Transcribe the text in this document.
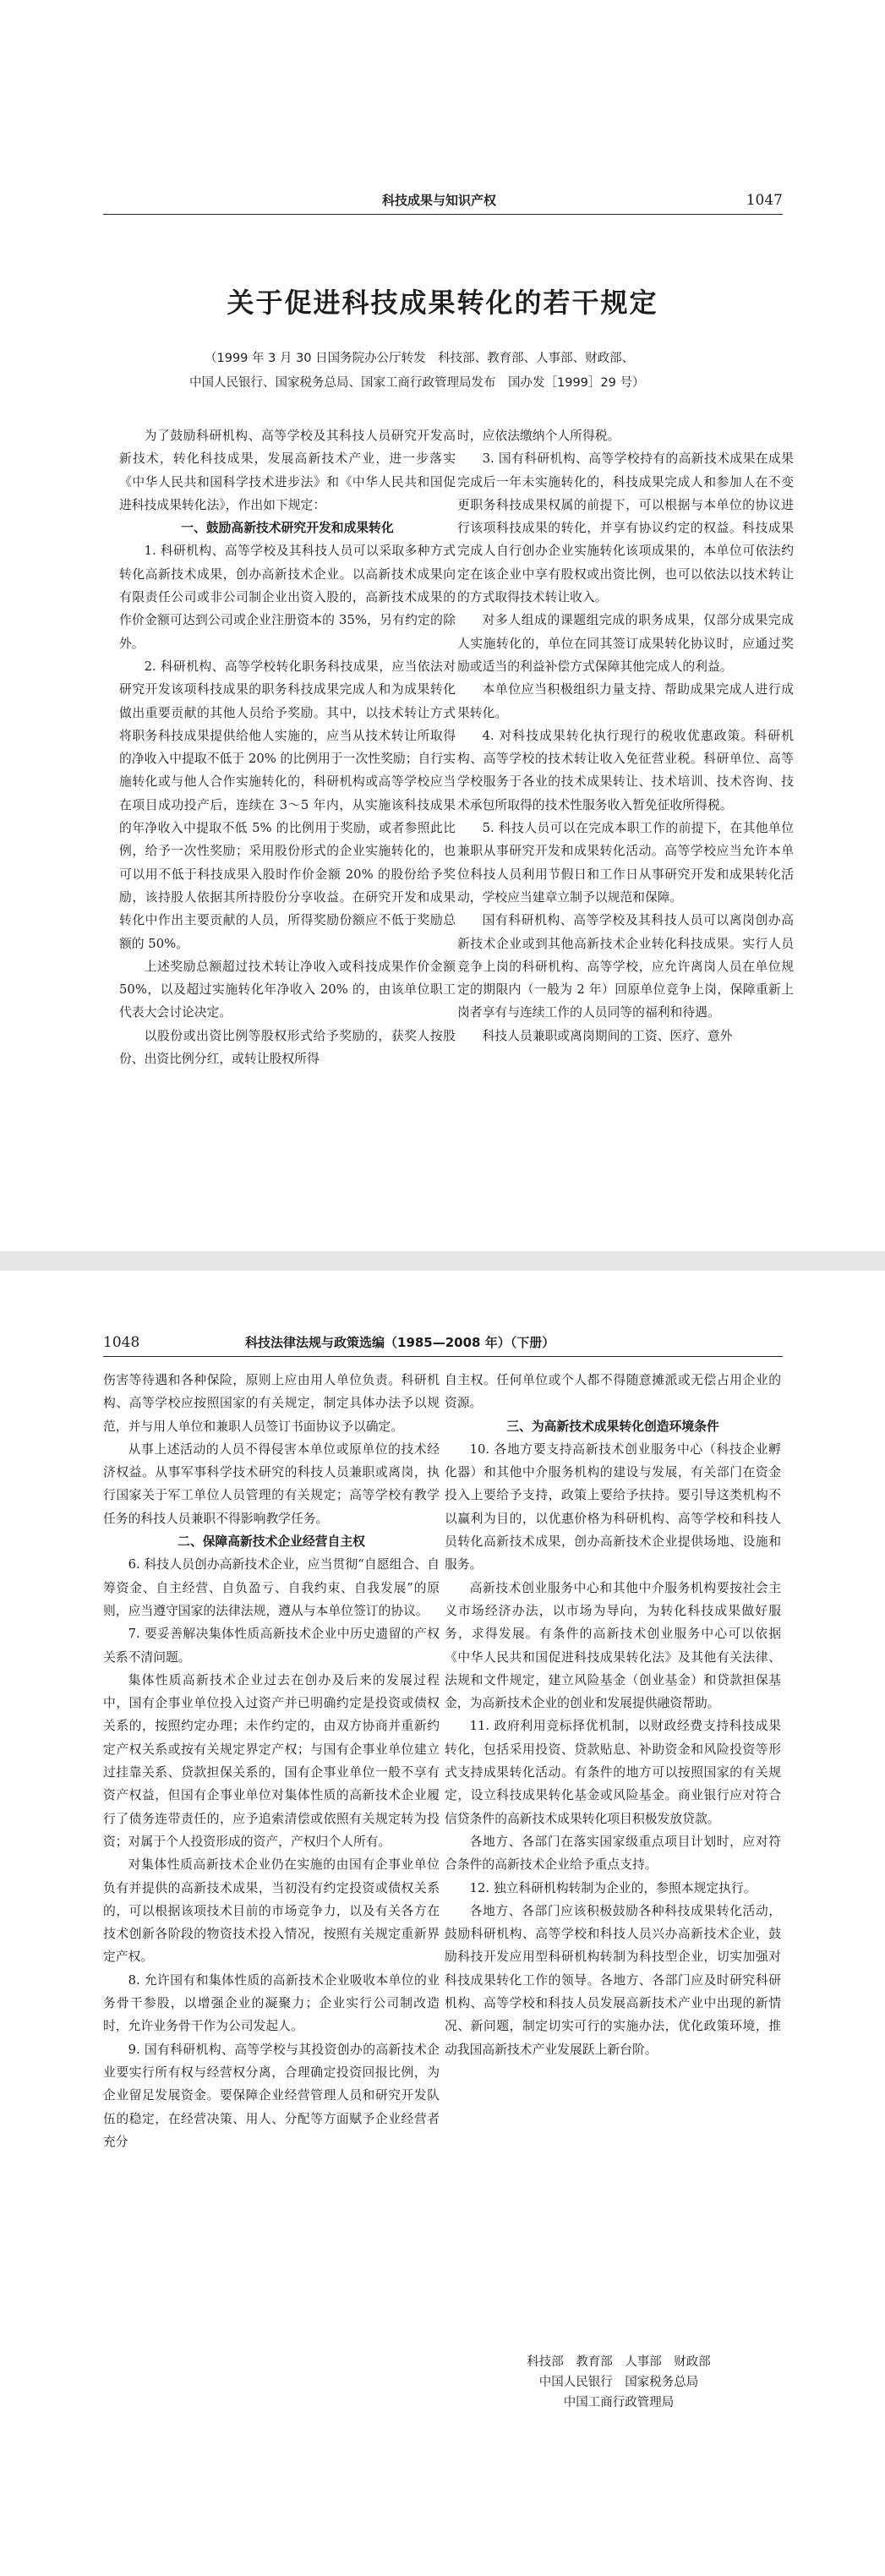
科技成果与知识产权	1047
关于促进科技成果转化的若干规定

（1999 年 3 月 30 日国务院办公厅转发　科技部、教育部、人事部、财政部、

中国人民银行、国家税务总局、国家工商行政管理局发布　国办发［1999］29 号）

为了鼓励科研机构、高等学校及其科技人员研究开发高新技术，转化科技成果，发展高新技术产业，进一步落实《中华人民共和国科学技术进步法》和《中华人民共和国促进科技成果转化法》，作出如下规定：

一、鼓励高新技术研究开发和成果转化

1. 科研机构、高等学校及其科技人员可以采取多种方式转化高新技术成果，创办高新技术企业。以高新技术成果向有限责任公司或非公司制企业出资入股的，高新技术成果的作价金额可达到公司或企业注册资本的 35%，另有约定的除外。

2. 科研机构、高等学校转化职务科技成果，应当依法对研究开发该项科技成果的职务科技成果完成人和为成果转化做出重要贡献的其他人员给予奖励。其中，以技术转让方式将职务科技成果提供给他人实施的，应当从技术转让所取得的净收入中提取不低于 20% 的比例用于一次性奖励；自行实施转化或与他人合作实施转化的，科研机构或高等学校应当在项目成功投产后，连续在 3～5 年内，从实施该科技成果的年净收入中提取不低 5% 的比例用于奖励，或者参照此比例，给予一次性奖励；采用股份形式的企业实施转化的，也可以用不低于科技成果入股时作价金额 20% 的股份给予奖励，该持股人依据其所持股份分享收益。在研究开发和成果转化中作出主要贡献的人员，所得奖励份额应不低于奖励总额的 50%。

上述奖励总额超过技术转让净收入或科技成果作价金额 50%，以及超过实施转化年净收入 20% 的，由该单位职工代表大会讨论决定。

以股份或出资比例等股权形式给予奖励的，获奖人按股份、出资比例分红，或转让股权所得

时，应依法缴纳个人所得税。

3. 国有科研机构、高等学校持有的高新技术成果在成果完成后一年未实施转化的，科技成果完成人和参加人在不变更职务科技成果权属的前提下，可以根据与本单位的协议进行该项科技成果的转化，并享有协议约定的权益。科技成果完成人自行创办企业实施转化该项成果的，本单位可依法约定在该企业中享有股权或出资比例，也可以依法以技术转让的方式取得技术转让收入。

对多人组成的课题组完成的职务成果，仅部分成果完成人实施转化的，单位在同其签订成果转化协议时，应通过奖励或适当的利益补偿方式保障其他完成人的利益。

本单位应当积极组织力量支持、帮助成果完成人进行成果转化。

4. 对科技成果转化执行现行的税收优惠政策。科研机构、高等学校的技术转让收入免征营业税。科研单位、高等学校服务于各业的技术成果转让、技术培训、技术咨询、技术承包所取得的技术性服务收入暂免征收所得税。

5. 科技人员可以在完成本职工作的前提下，在其他单位兼职从事研究开发和成果转化活动。高等学校应当允许本单位科技人员利用节假日和工作日从事研究开发和成果转化活动，学校应当建章立制予以规范和保障。

国有科研机构、高等学校及其科技人员可以离岗创办高新技术企业或到其他高新技术企业转化科技成果。实行人员竞争上岗的科研机构、高等学校，应允许离岗人员在单位规定的期限内（一般为 2 年）回原单位竞争上岗，保障重新上岗者享有与连续工作的人员同等的福利和待遇。

科技人员兼职或离岗期间的工资、医疗、意外

1048	科技法律法规与政策选编（1985—2008 年）（下册）

伤害等待遇和各种保险，原则上应由用人单位负责。科研机构、高等学校应按照国家的有关规定，制定具体办法予以规范，并与用人单位和兼职人员签订书面协议予以确定。

从事上述活动的人员不得侵害本单位或原单位的技术经济权益。从事军事科学技术研究的科技人员兼职或离岗，执行国家关于军工单位人员管理的有关规定；高等学校有教学任务的科技人员兼职不得影响教学任务。

二、保障高新技术企业经营自主权

6. 科技人员创办高新技术企业，应当贯彻“自愿组合、自筹资金、自主经营、自负盈亏、自我约束、自我发展”的原则，应当遵守国家的法律法规，遵从与本单位签订的协议。

7. 要妥善解决集体性质高新技术企业中历史遗留的产权关系不清问题。

集体性质高新技术企业过去在创办及后来的发展过程中，国有企事业单位投入过资产并已明确约定是投资或债权关系的，按照约定办理；未作约定的，由双方协商并重新约定产权关系或按有关规定界定产权；与国有企事业单位建立过挂靠关系、贷款担保关系的，国有企事业单位一般不享有资产权益，但国有企事业单位对集体性质的高新技术企业履行了债务连带责任的，应予追索清偿或依照有关规定转为投资；对属于个人投资形成的资产，产权归个人所有。

对集体性质高新技术企业仍在实施的由国有企事业单位负有并提供的高新技术成果，当初没有约定投资或债权关系的，可以根据该项技术目前的市场竞争力，以及有关各方在技术创新各阶段的物资技术投入情况，按照有关规定重新界定产权。

8. 允许国有和集体性质的高新技术企业吸收本单位的业务骨干参股，以增强企业的凝聚力；企业实行公司制改造时，允许业务骨干作为公司发起人。

9. 国有科研机构、高等学校与其投资创办的高新技术企业要实行所有权与经营权分离，合理确定投资回报比例，为企业留足发展资金。要保障企业经营管理人员和研究开发队伍的稳定，在经营决策、用人、分配等方面赋予企业经营者充分

自主权。任何单位或个人都不得随意摊派或无偿占用企业的资源。

三、为高新技术成果转化创造环境条件

10. 各地方要支持高新技术创业服务中心（科技企业孵化器）和其他中介服务机构的建设与发展，有关部门在资金投入上要给予支持，政策上要给予扶持。要引导这类机构不以赢利为目的，以优惠价格为科研机构、高等学校和科技人员转化高新技术成果，创办高新技术企业提供场地、设施和服务。

高新技术创业服务中心和其他中介服务机构要按社会主义市场经济办法，以市场为导向，为转化科技成果做好服务，求得发展。有条件的高新技术创业服务中心可以依据《中华人民共和国促进科技成果转化法》及其他有关法律、法规和文件规定，建立风险基金（创业基金）和贷款担保基金，为高新技术企业的创业和发展提供融资帮助。

11. 政府利用竞标择优机制，以财政经费支持科技成果转化，包括采用投资、贷款贴息、补助资金和风险投资等形式支持成果转化活动。有条件的地方可以按照国家的有关规定，设立科技成果转化基金或风险基金。商业银行应对符合信贷条件的高新技术成果转化项目积极发放贷款。

各地方、各部门在落实国家级重点项目计划时，应对符合条件的高新技术企业给予重点支持。

12. 独立科研机构转制为企业的，参照本规定执行。

各地方、各部门应该积极鼓励各种科技成果转化活动，鼓励科研机构、高等学校和科技人员兴办高新技术企业，鼓励科技开发应用型科研机构转制为科技型企业，切实加强对科技成果转化工作的领导。各地方、各部门应及时研究科研机构、高等学校和科技人员发展高新技术产业中出现的新情况、新问题，制定切实可行的实施办法，优化政策环境，推动我国高新技术产业发展跃上新台阶。

科技部　教育部　人事部　财政部
中国人民银行　国家税务总局
中国工商行政管理局
